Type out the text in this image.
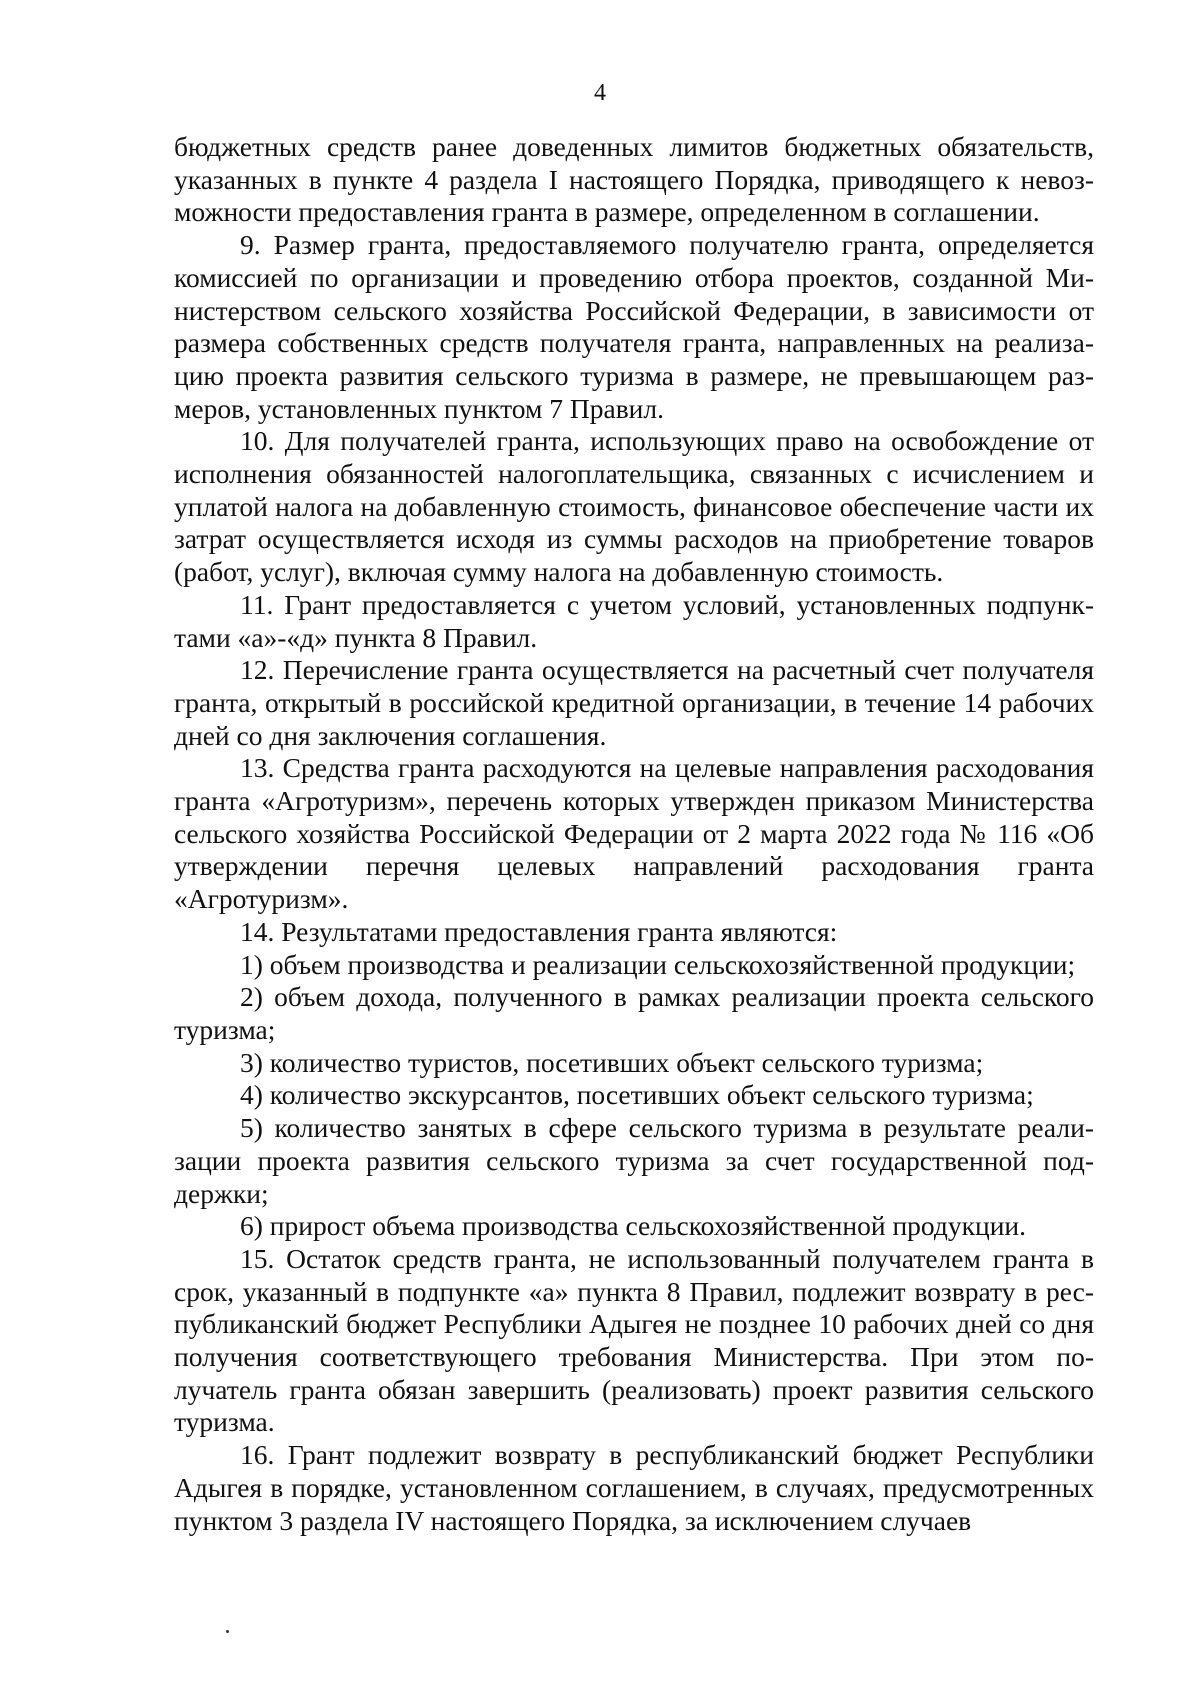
4

бюджетных средств ранее доведенных лимитов бюджетных обязательств, указанных в пункте 4 раздела I настоящего Порядка, приводящего к невозможности предоставления гранта в размере, определенном в соглашении.

9. Размер гранта, предоставляемого получателю гранта, определяется комиссией по организации и проведению отбора проектов, созданной Министерством сельского хозяйства Российской Федерации, в зависимости от размера собственных средств получателя гранта, направленных на реализацию проекта развития сельского туризма в размере, не превышающем размеров, установленных пунктом 7 Правил.

10. Для получателей гранта, использующих право на освобождение от исполнения обязанностей налогоплательщика, связанных с исчислением и уплатой налога на добавленную стоимость, финансовое обеспечение части их затрат осуществляется исходя из суммы расходов на приобретение товаров (работ, услуг), включая сумму налога на добавленную стоимость.

11. Грант предоставляется с учетом условий, установленных подпунктами «а»-«д» пункта 8 Правил.

12. Перечисление гранта осуществляется на расчетный счет получателя гранта, открытый в российской кредитной организации, в течение 14 рабочих дней со дня заключения соглашения.

13. Средства гранта расходуются на целевые направления расходования гранта «Агротуризм», перечень которых утвержден приказом Министерства сельского хозяйства Российской Федерации от 2 марта 2022 года № 116 «Об утверждении перечня целевых направлений расходования гранта «Агротуризм».

14. Результатами предоставления гранта являются:

1) объем производства и реализации сельскохозяйственной продукции;

2) объем дохода, полученного в рамках реализации проекта сельского туризма;

3) количество туристов, посетивших объект сельского туризма;

4) количество экскурсантов, посетивших объект сельского туризма;

5) количество занятых в сфере сельского туризма в результате реализации проекта развития сельского туризма за счет государственной поддержки;

6) прирост объема производства сельскохозяйственной продукции.

15. Остаток средств гранта, не использованный получателем гранта в срок, указанный в подпункте «а» пункта 8 Правил, подлежит возврату в республиканский бюджет Республики Адыгея не позднее 10 рабочих дней со дня получения соответствующего требования Министерства. При этом получатель гранта обязан завершить (реализовать) проект развития сельского туризма.

16. Грант подлежит возврату в республиканский бюджет Республики Адыгея в порядке, установленном соглашением, в случаях, предусмотренных пунктом 3 раздела IV настоящего Порядка, за исключением случаев
